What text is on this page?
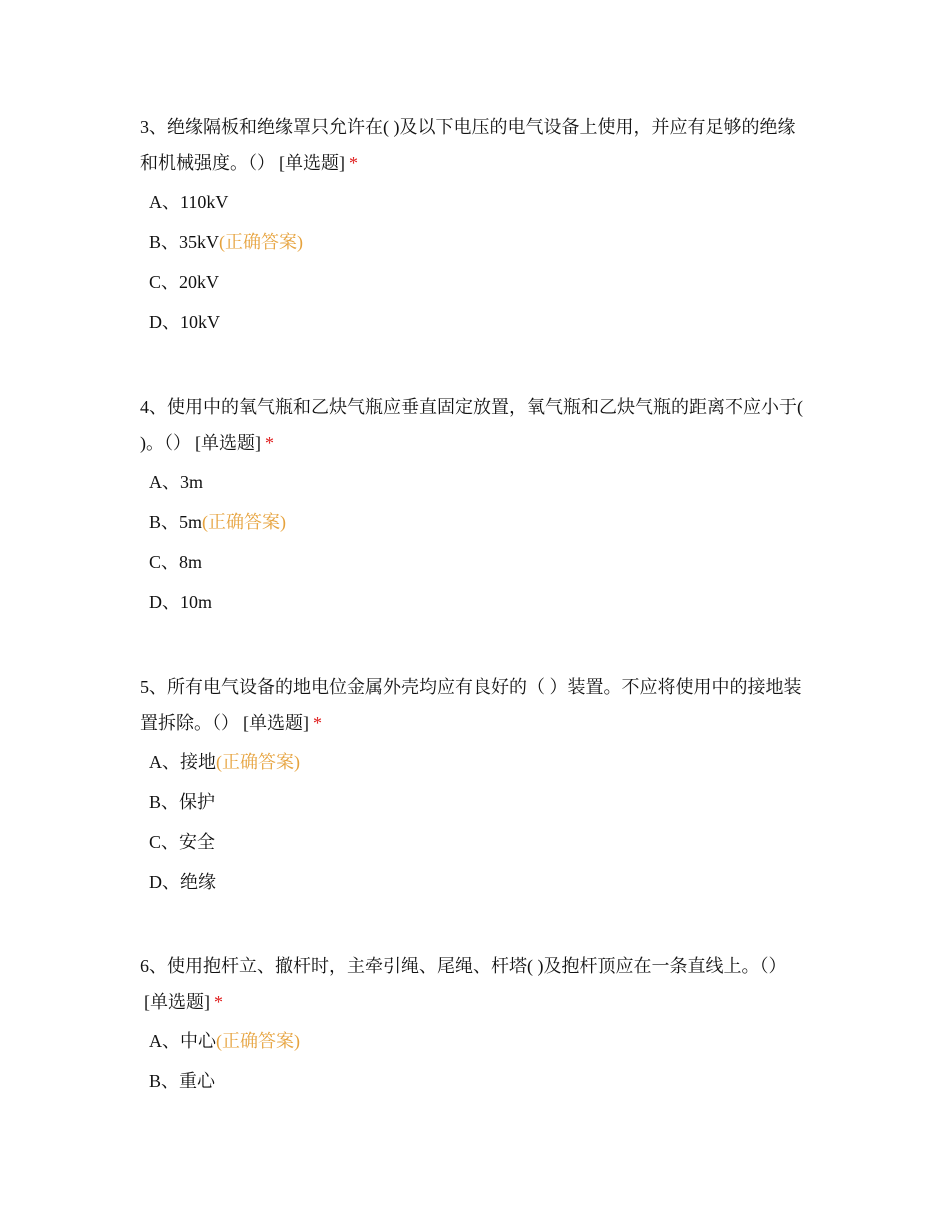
3、绝缘隔板和绝缘罩只允许在( )及以下电压的电气设备上使用，并应有足够的绝缘和机械强度。（） [单选题] *

A、110kV
B、35kV(正确答案)
C、20kV
D、10kV

4、使用中的氧气瓶和乙炔气瓶应垂直固定放置，氧气瓶和乙炔气瓶的距离不应小于( )。（） [单选题] *

A、3m
B、5m(正确答案)
C、8m
D、10m

5、所有电气设备的地电位金属外壳均应有良好的（ ）装置。不应将使用中的接地装置拆除。（） [单选题] *

A、接地(正确答案)
B、保护
C、安全
D、绝缘

6、使用抱杆立、撤杆时，主牵引绳、尾绳、杆塔( )及抱杆顶应在一条直线上。（）[单选题] *

A、中心(正确答案)
B、重心
